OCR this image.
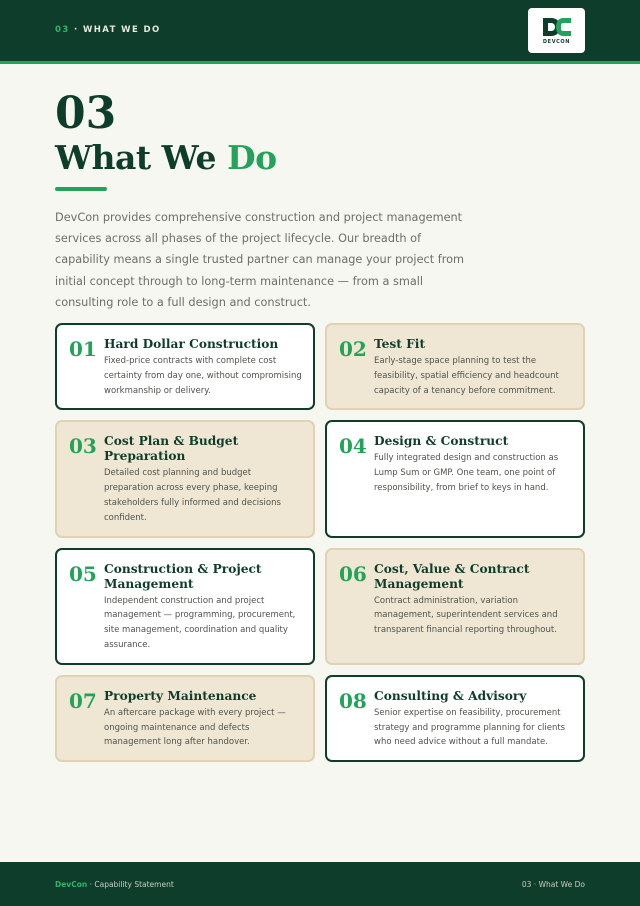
03 · WHAT WE DO
DEVCON
03
What We Do

DevCon provides comprehensive construction and project management services across all phases of the project lifecycle. Our breadth of capability means a single trusted partner can manage your project from initial concept through to long-term maintenance — from a small consulting role to a full design and construct.

01 Hard Dollar Construction

Fixed-price contracts with complete cost certainty from day one, without compromising workmanship or delivery.

02 Test Fit

Early-stage space planning to test the feasibility, spatial efficiency and headcount capacity of a tenancy before commitment.

03 Cost Plan & Budget Preparation

Detailed cost planning and budget preparation across every phase, keeping stakeholders fully informed and decisions confident.

04 Design & Construct

Fully integrated design and construction as Lump Sum or GMP. One team, one point of responsibility, from brief to keys in hand.

05 Construction & Project Management

Independent construction and project management — programming, procurement, site management, coordination and quality assurance.

06 Cost, Value & Contract Management

Contract administration, variation management, superintendent services and transparent financial reporting throughout.

07 Property Maintenance

An aftercare package with every project — ongoing maintenance and defects management long after handover.

08 Consulting & Advisory

Senior expertise on feasibility, procurement strategy and programme planning for clients who need advice without a full mandate.

DevCon · Capability Statement	03 · What We Do
